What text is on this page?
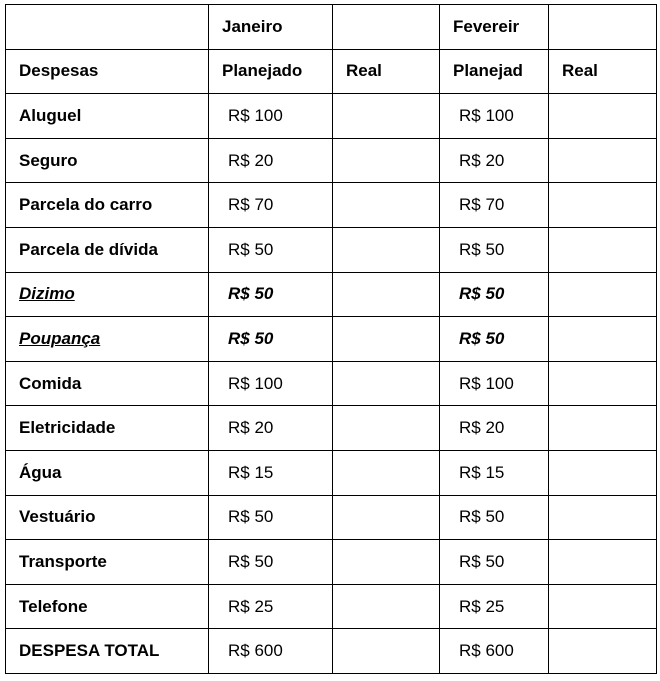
	Janeiro		Fevereir	
Despesas	Planejado	Real	Planejad	Real
Aluguel	R$ 100		R$ 100	
Seguro	R$ 20		R$ 20	
Parcela do carro	R$ 70		R$ 70	
Parcela de dívida	R$ 50		R$ 50	
Dizimo	R$ 50		R$ 50	
Poupança	R$ 50		R$ 50	
Comida	R$ 100		R$ 100	
Eletricidade	R$ 20		R$ 20	
Água	R$ 15		R$ 15	
Vestuário	R$ 50		R$ 50	
Transporte	R$ 50		R$ 50	
Telefone	R$ 25		R$ 25	
DESPESA TOTAL	R$ 600		R$ 600	
